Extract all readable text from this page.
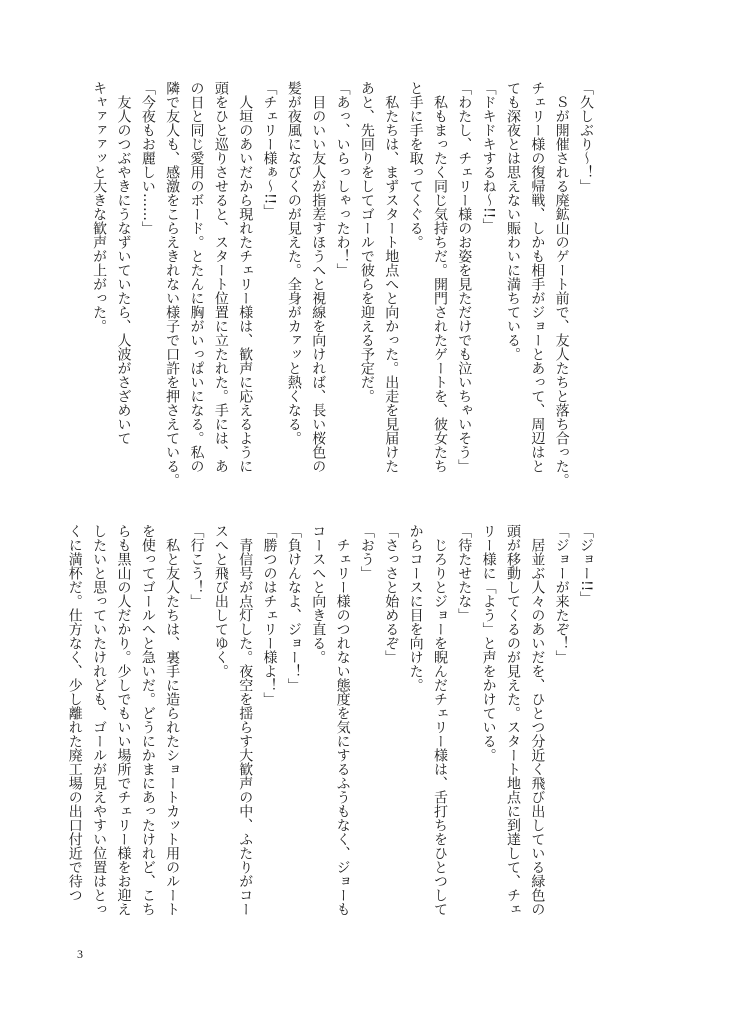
「久しぶり～！」
　Ｓが開催される廃鉱山のゲート前で、友人たちと落ち合った。
チェリー様の復帰戦、しかも相手がジョーとあって、周辺はと
ても深夜とは思えない賑わいに満ちている。
「ドキドキするね～!!」
「わたし、チェリー様のお姿を見ただけでも泣いちゃいそう」
　私もまったく同じ気持ちだ。開門されたゲートを、彼女たち
と手に手を取ってくぐる。
　私たちは、まずスタート地点へと向かった。出走を見届けた
あと、先回りをしてゴールで彼らを迎える予定だ。
「あっ、いらっしゃったわ！」
　目のいい友人が指差すほうへと視線を向ければ、長い桜色の
髪が夜風になびくのが見えた。全身がカァッと熱くなる。
「チェリー様ぁ～!!」
　人垣のあいだから現れたチェリー様は、歓声に応えるように
頭をひと巡りさせると、スタート位置に立たれた。手には、あ
の日と同じ愛用のボード。とたんに胸がいっぱいになる。私の
隣で友人も、感激をこらえきれない様子で口許を押さえている。
「今夜もお麗しい……」
　友人のつぶやきにうなずいていたら、人波がさざめいて
キャァァァッと大きな歓声が上がった。
「ジョー!!」
「ジョーが来たぞ！」
　居並ぶ人々のあいだを、ひとつ分近く飛び出している緑色の
頭が移動してくるのが見えた。スタート地点に到達して、チェ
リー様に「よう」と声をかけている。
「待たせたな」
　じろりとジョーを睨んだチェリー様は、舌打ちをひとつして
からコースに目を向けた。
「さっさと始めるぞ」
「おう」
　チェリー様のつれない態度を気にするふうもなく、ジョーも
コースへと向き直る。
「負けんなよ、ジョー！」
「勝つのはチェリー様よ！」
　青信号が点灯した。夜空を揺らす大歓声の中、ふたりがコー
スへと飛び出してゆく。
「行こう！」
　私と友人たちは、裏手に造られたショートカット用のルート
を使ってゴールへと急いだ。どうにかまにあったけれど、こち
らも黒山の人だかり。少しでもいい場所でチェリー様をお迎え
したいと思っていたけれども、ゴールが見えやすい位置はとっ
くに満杯だ。仕方なく、少し離れた廃工場の出口付近で待つ
3
